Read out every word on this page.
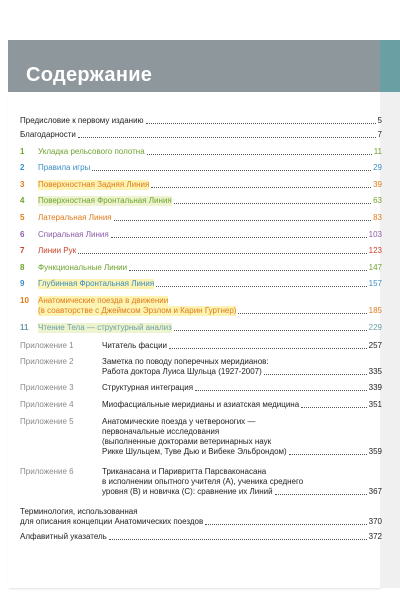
Содержание
Предисловие к первому изданию	5
Благодарности	7
1 Укладка рельсового полотна	11
2 Правила игры	29
3 Поверхностная Задняя Линия	39
4 Поверхностная Фронтальная Линия	63
5 Латеральная Линия	83
6 Спиральная Линия	103
7 Линии Рук	123
8 Функциональные Линии	147
9 Глубинная Фронтальная Линия	157
10 Анатомические поезда в движении
(в соавторстве с Джеймсом Эрзлом и Карин Гуртнер)	185
11 Чтение Тела — структурный анализ	229
Приложение 1	Читатель фасции	257
Приложение 2	Заметка по поводу поперечных меридианов:
Работа доктора Луиса Шульца (1927-2007)	335
Приложение 3	Структурная интеграция	339
Приложение 4	Миофасциальные меридианы и азиатская медицина	351
Приложение 5	Анатомические поезда у четвероногих —
первоначальные исследования
(выполненные докторами ветеринарных наук
Рикке Шульцем, Туве Дью и Вибеке Эльброндом)	359
Приложение 6	Триканасана и Паривритта Парсваконасана
в исполнении опытного учителя (А), ученика среднего
уровня (В) и новичка (С): сравнение их Линий	367
Терминология, использованная
для описания концепции Анатомических поездов	370
Алфавитный указатель	372
